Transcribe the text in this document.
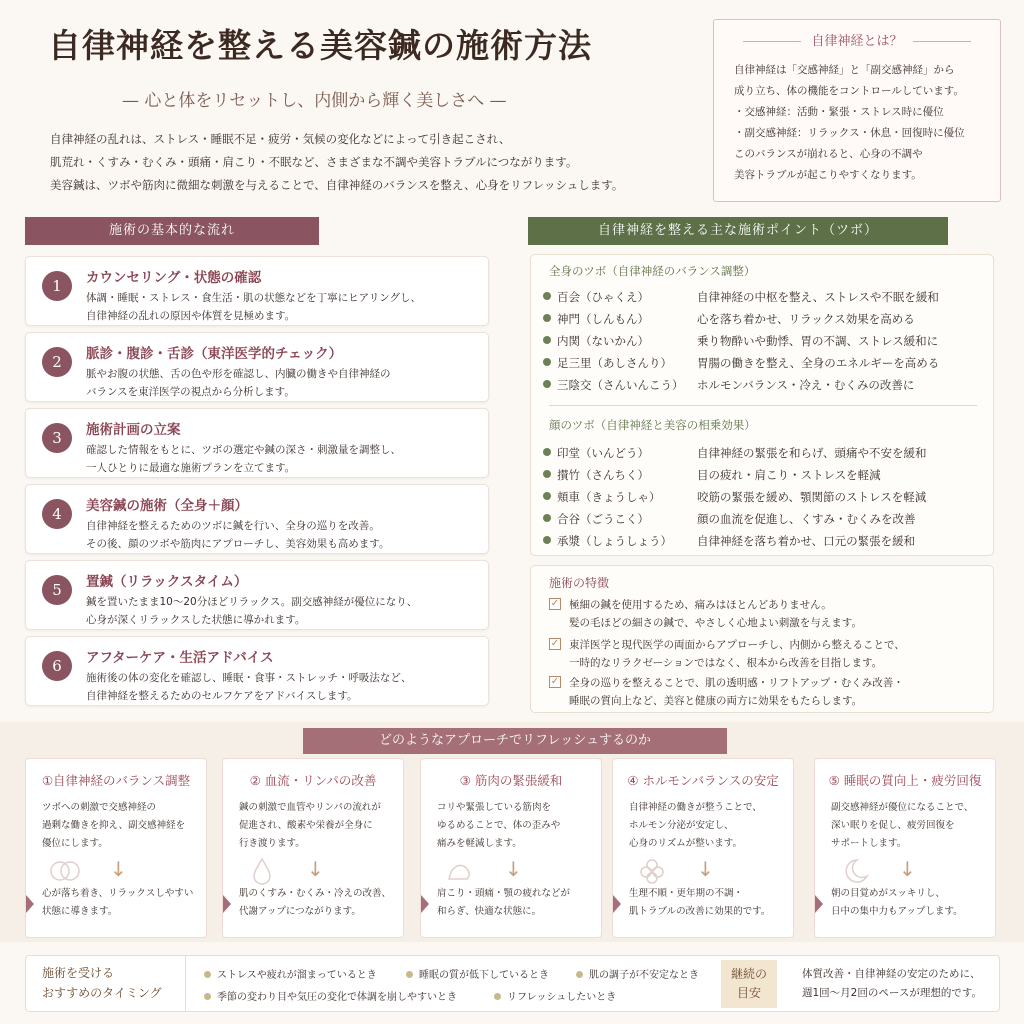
自律神経を整える美容鍼の施術方法
— 心と体をリセットし、内側から輝く美しさへ —
自律神経の乱れは、ストレス・睡眠不足・疲労・気候の変化などによって引き起こされ、
肌荒れ・くすみ・むくみ・頭痛・肩こり・不眠など、さまざまな不調や美容トラブルにつながります。
美容鍼は、ツボや筋肉に微細な刺激を与えることで、自律神経のバランスを整え、心身をリフレッシュします。
自律神経とは？
自律神経は「交感神経」と「副交感神経」から
成り立ち、体の機能をコントロールしています。
・交感神経：活動・緊張・ストレス時に優位
・副交感神経：リラックス・休息・回復時に優位
このバランスが崩れると、心身の不調や
美容トラブルが起こりやすくなります。
施術の基本的な流れ
1	カウンセリング・状態の確認
体調・睡眠・ストレス・食生活・肌の状態などを丁寧にヒアリングし、
自律神経の乱れの原因や体質を見極めます。
2	脈診・腹診・舌診（東洋医学的チェック）
脈やお腹の状態、舌の色や形を確認し、内臓の働きや自律神経の
バランスを東洋医学の視点から分析します。
3	施術計画の立案
確認した情報をもとに、ツボの選定や鍼の深さ・刺激量を調整し、
一人ひとりに最適な施術プランを立てます。
4	美容鍼の施術（全身＋顔）
自律神経を整えるためのツボに鍼を行い、全身の巡りを改善。
その後、顔のツボや筋肉にアプローチし、美容効果も高めます。
5	置鍼（リラックスタイム）
鍼を置いたまま10〜20分ほどリラックス。副交感神経が優位になり、
心身が深くリラックスした状態に導かれます。
6	アフターケア・生活アドバイス
施術後の体の変化を確認し、睡眠・食事・ストレッチ・呼吸法など、
自律神経を整えるためのセルフケアをアドバイスします。
自律神経を整える主な施術ポイント（ツボ）
全身のツボ（自律神経のバランス調整）
百会（ひゃくえ）	自律神経の中枢を整え、ストレスや不眠を緩和
神門（しんもん）	心を落ち着かせ、リラックス効果を高める
内関（ないかん）	乗り物酔いや動悸、胃の不調、ストレス緩和に
足三里（あしさんり） 胃腸の働きを整え、全身のエネルギーを高める
三陰交（さんいんこう） ホルモンバランス・冷え・むくみの改善に
顔のツボ（自律神経と美容の相乗効果）
印堂（いんどう）	自律神経の緊張を和らげ、頭痛や不安を緩和
攅竹（さんちく）	目の疲れ・肩こり・ストレスを軽減
頬車（きょうしゃ）	咬筋の緊張を緩め、顎関節のストレスを軽減
合谷（ごうこく）	顔の血流を促進し、くすみ・むくみを改善
承漿（しょうしょう） 自律神経を落ち着かせ、口元の緊張を緩和
施術の特徴
✓ 極細の鍼を使用するため、痛みはほとんどありません。
髪の毛ほどの細さの鍼で、やさしく心地よい刺激を与えます。
✓ 東洋医学と現代医学の両面からアプローチし、内側から整えることで、
一時的なリラクゼーションではなく、根本から改善を目指します。
✓ 全身の巡りを整えることで、肌の透明感・リフトアップ・むくみ改善・
睡眠の質向上など、美容と健康の両方に効果をもたらします。
どのようなアプローチでリフレッシュするのか
①自律神経のバランス調整
ツボへの刺激で交感神経の
過剰な働きを抑え、副交感神経を
優位にします。
↓
心が落ち着き、リラックスしやすい
状態に導きます。
② 血流・リンパの改善
鍼の刺激で血管やリンパの流れが
促進され、酸素や栄養が全身に
行き渡ります。
↓
肌のくすみ・むくみ・冷えの改善、
代謝アップにつながります。
③ 筋肉の緊張緩和
コリや緊張している筋肉を
ゆるめることで、体の歪みや
痛みを軽減します。
↓
肩こり・頭痛・顎の疲れなどが
和らぎ、快適な状態に。
④ ホルモンバランスの安定
自律神経の働きが整うことで、
ホルモン分泌が安定し、
心身のリズムが整います。
↓
生理不順・更年期の不調・
肌トラブルの改善に効果的です。
⑤ 睡眠の質向上・疲労回復
副交感神経が優位になることで、
深い眠りを促し、疲労回復を
サポートします。
↓
朝の目覚めがスッキリし、
日中の集中力もアップします。
施術を受ける
おすすめのタイミング
ストレスや疲れが溜まっているとき	睡眠の質が低下しているとき	肌の調子が不安定なとき
季節の変わり目や気圧の変化で体調を崩しやすいとき	リフレッシュしたいとき
継続の
目安
体質改善・自律神経の安定のために、
週1回〜月2回のペースが理想的です。
